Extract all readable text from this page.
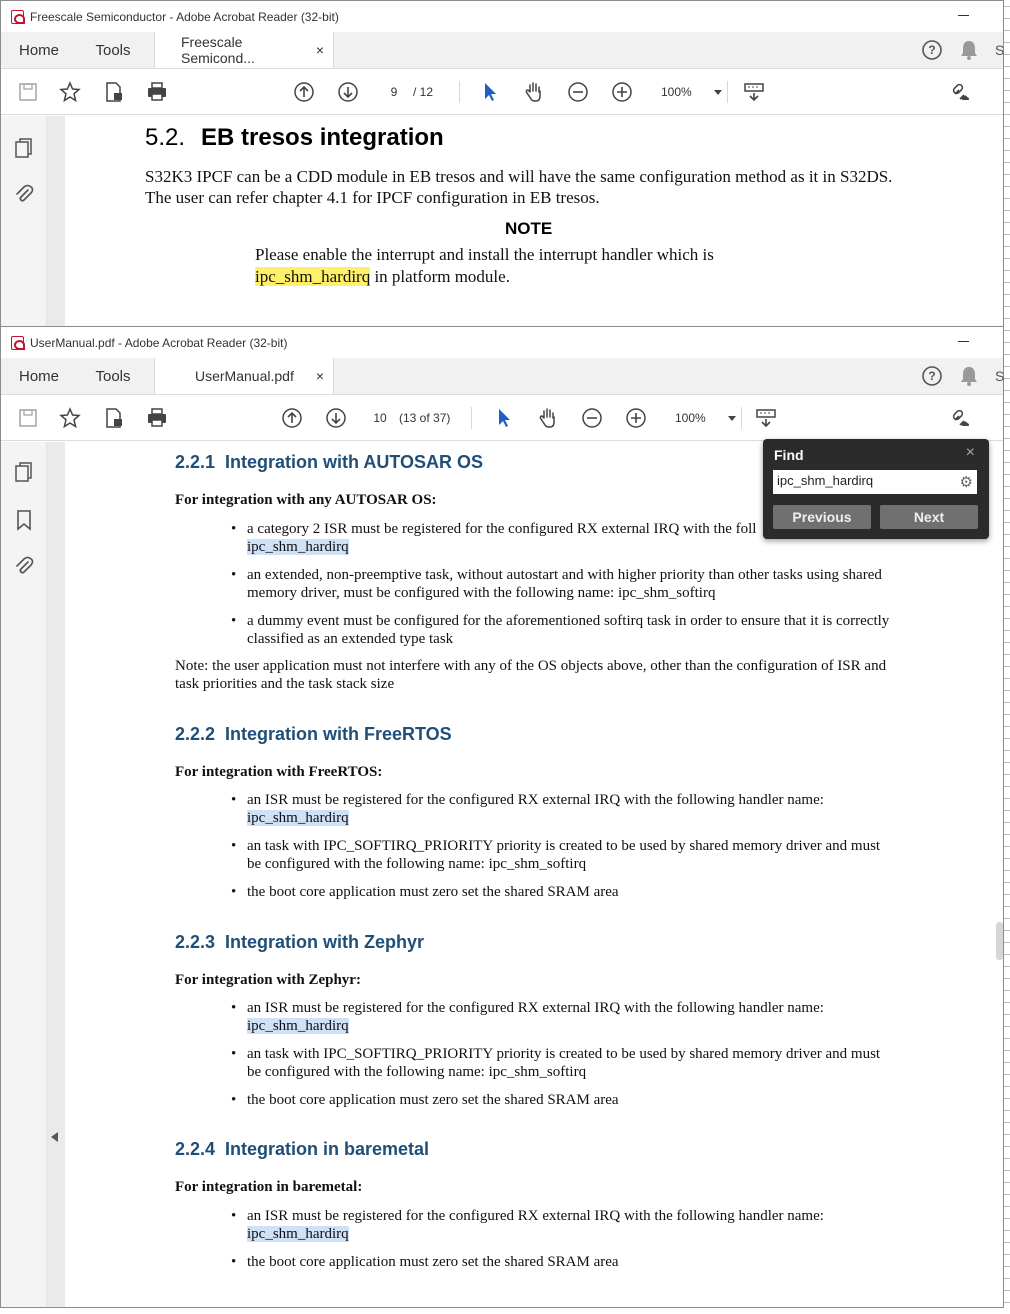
Freescale Semiconductor - Adobe Acrobat Reader (32-bit)
Home	Tools	Freescale Semicond...	×	?	S
9	/ 12	100%
5.2. EB tresos integration
S32K3 IPCF can be a CDD module in EB tresos and will have the same configuration method as it in S32DS. The user can refer chapter 4.1 for IPCF configuration in EB tresos.
NOTE
Please enable the interrupt and install the interrupt handler which is
ipc_shm_hardirq in platform module.
UserManual.pdf - Adobe Acrobat Reader (32-bit)
Home	Tools	UserManual.pdf ×	?	S
10	(13 of 37)	100%
2.2.1 Integration with AUTOSAR OS
For integration with any AUTOSAR OS:
• a category 2 ISR must be registered for the configured RX external IRQ with the foll
ipc_shm_hardirq
• an extended, non-preemptive task, without autostart and with higher priority than other tasks using shared memory driver, must be configured with the following name: ipc_shm_softirq
• a dummy event must be configured for the aforementioned softirq task in order to ensure that it is correctly classified as an extended type task
Note: the user application must not interfere with any of the OS objects above, other than the configuration of ISR and task priorities and the task stack size
2.2.2 Integration with FreeRTOS
For integration with FreeRTOS:
• an ISR must be registered for the configured RX external IRQ with the following handler name:
ipc_shm_hardirq
• an task with IPC_SOFTIRQ_PRIORITY priority is created to be used by shared memory driver and must be configured with the following name: ipc_shm_softirq
• the boot core application must zero set the shared SRAM area
2.2.3 Integration with Zephyr
For integration with Zephyr:
• an ISR must be registered for the configured RX external IRQ with the following handler name:
ipc_shm_hardirq
• an task with IPC_SOFTIRQ_PRIORITY priority is created to be used by shared memory driver and must be configured with the following name: ipc_shm_softirq
• the boot core application must zero set the shared SRAM area
2.2.4 Integration in baremetal
For integration in baremetal:
• an ISR must be registered for the configured RX external IRQ with the following handler name:
ipc_shm_hardirq
• the boot core application must zero set the shared SRAM area
Find	×
ipc_shm_hardirq	⚙
Previous	Next
